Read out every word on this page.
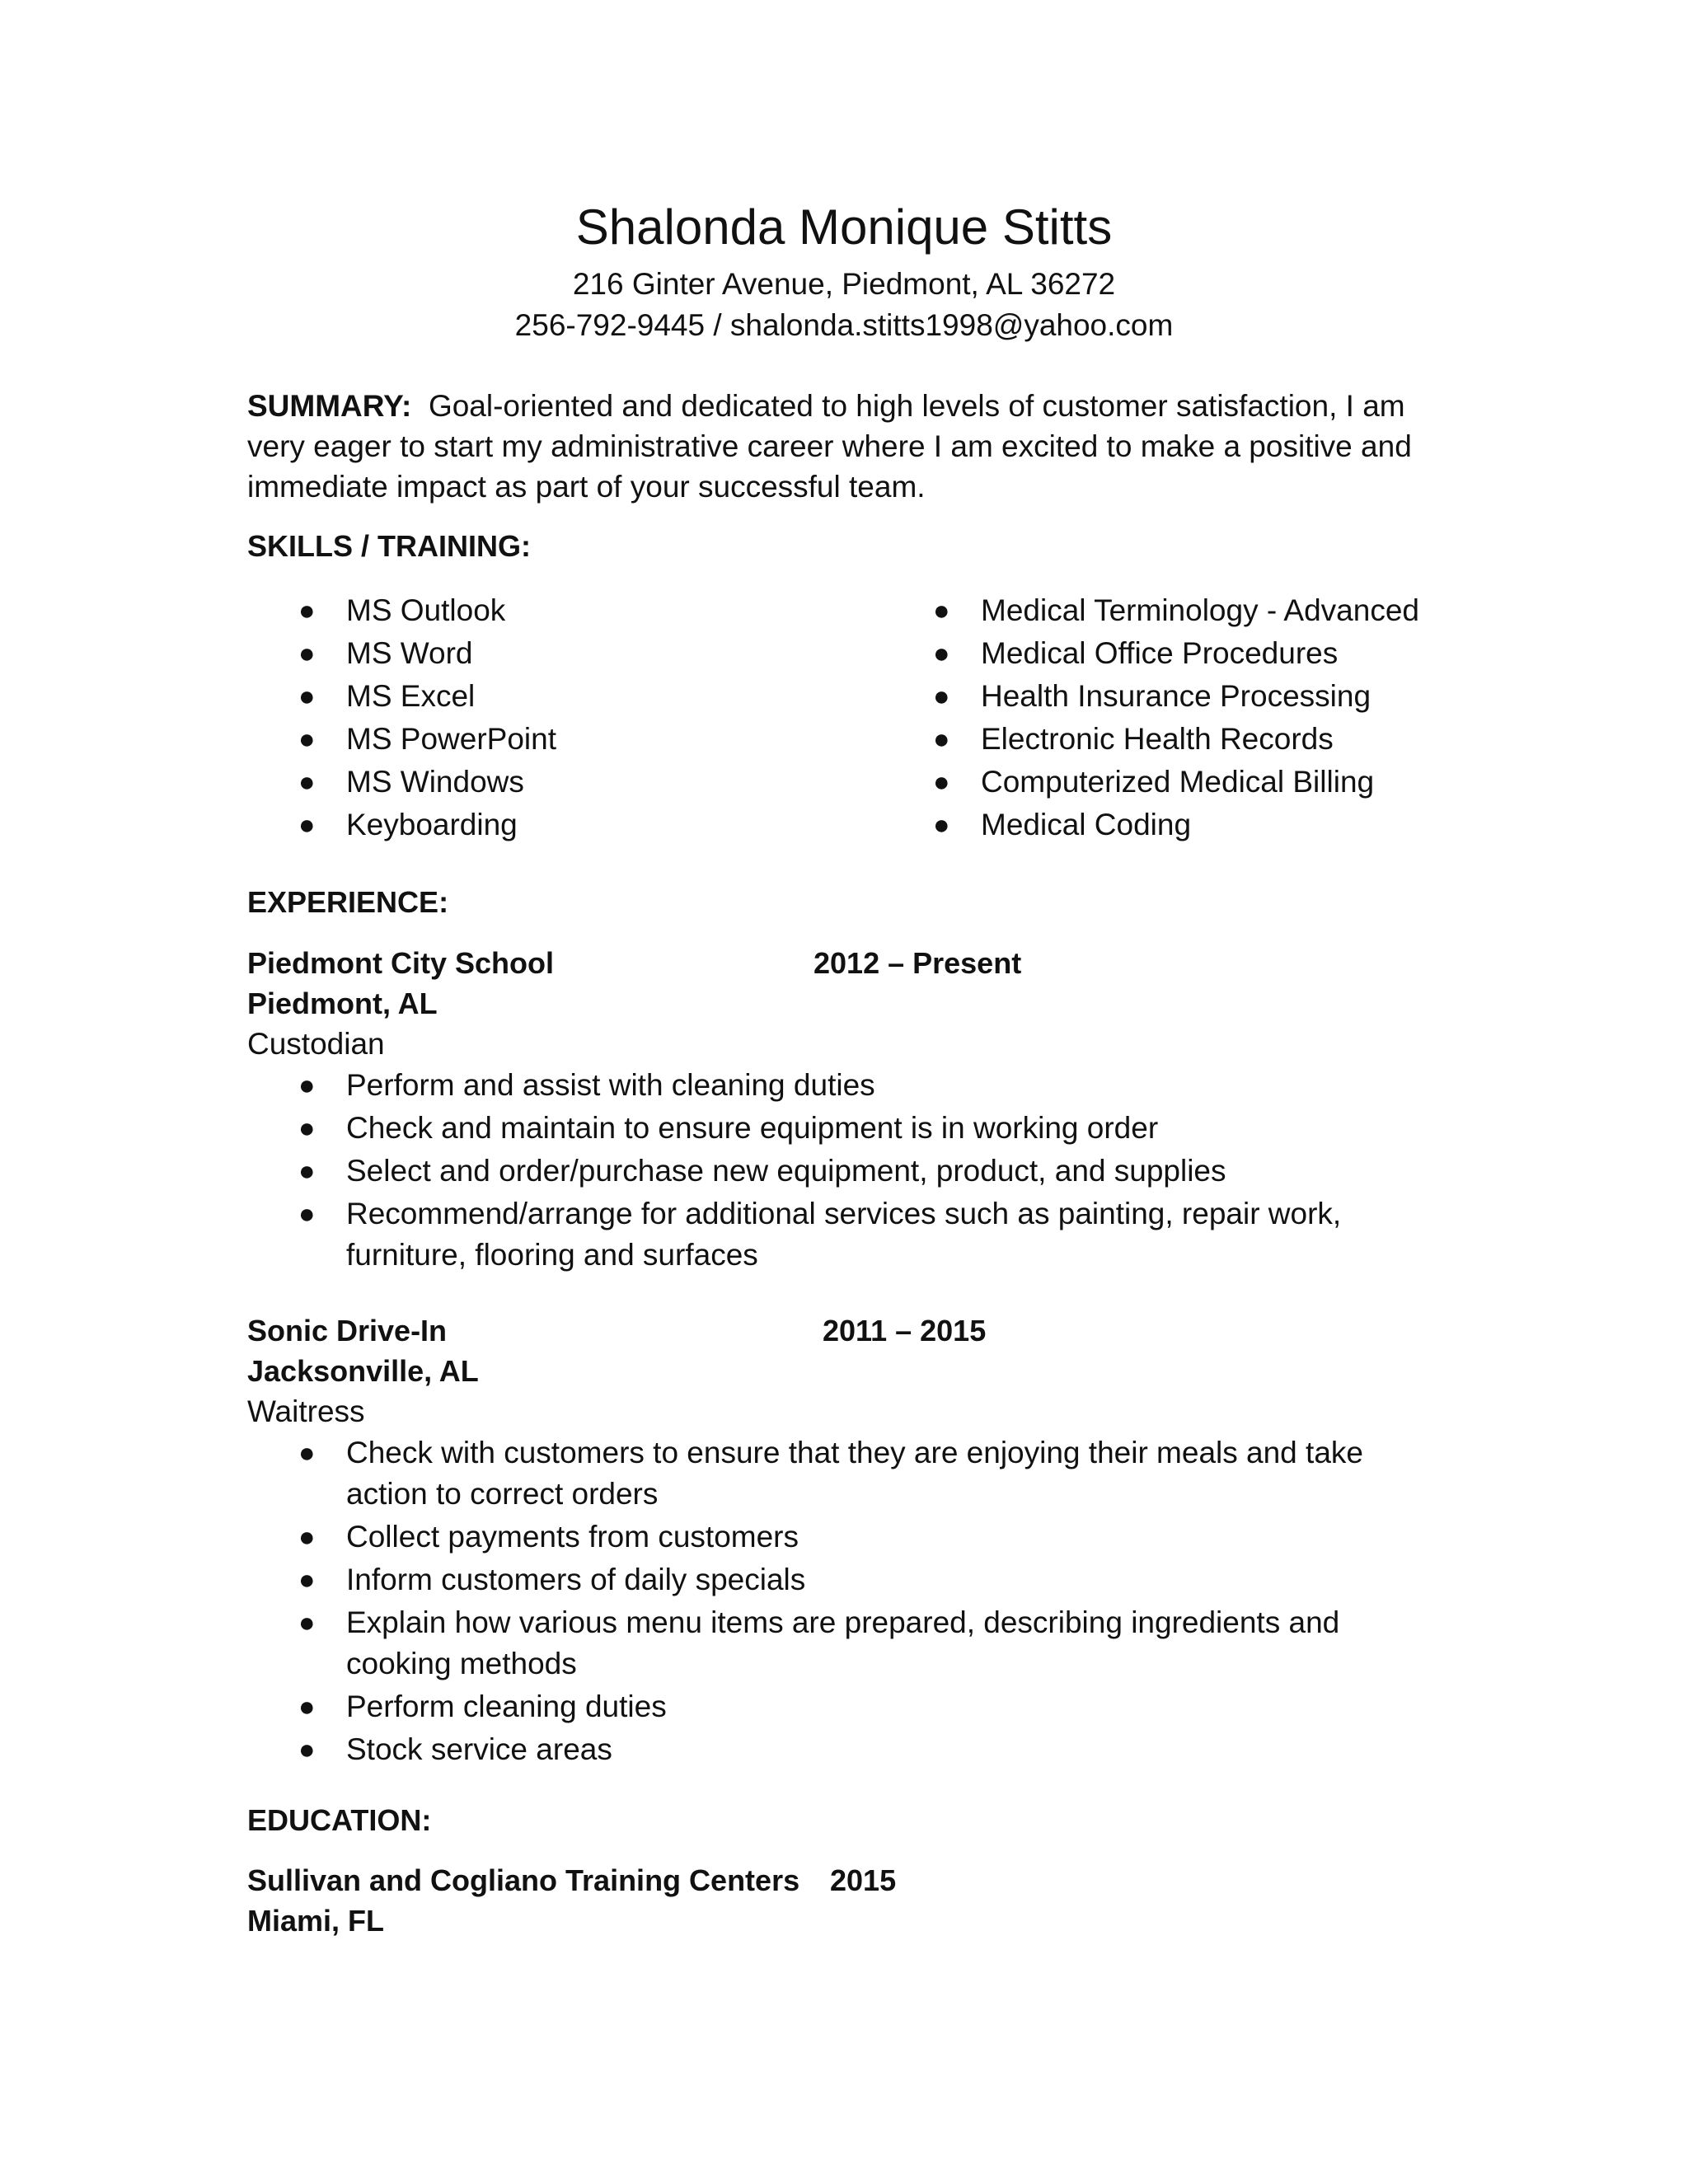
Shalonda Monique Stitts
216 Ginter Avenue, Piedmont, AL 36272
256-792-9445 / shalonda.stitts1998@yahoo.com
SUMMARY: Goal-oriented and dedicated to high levels of customer satisfaction, I am very eager to start my administrative career where I am excited to make a positive and immediate impact as part of your successful team.
SKILLS / TRAINING:
● MS Outlook
● MS Word
● MS Excel
● MS PowerPoint
● MS Windows
● Keyboarding
● Medical Terminology - Advanced
● Medical Office Procedures
● Health Insurance Processing
● Electronic Health Records
● Computerized Medical Billing
● Medical Coding
EXPERIENCE:
Piedmont City School	2012 – Present
Piedmont, AL
Custodian
● Perform and assist with cleaning duties
● Check and maintain to ensure equipment is in working order
● Select and order/purchase new equipment, product, and supplies
● Recommend/arrange for additional services such as painting, repair work, furniture, flooring and surfaces
Sonic Drive-In	2011 – 2015
Jacksonville, AL
Waitress
● Check with customers to ensure that they are enjoying their meals and take action to correct orders
● Collect payments from customers
● Inform customers of daily specials
● Explain how various menu items are prepared, describing ingredients and cooking methods
● Perform cleaning duties
● Stock service areas
EDUCATION:
Sullivan and Cogliano Training Centers 2015
Miami, FL
